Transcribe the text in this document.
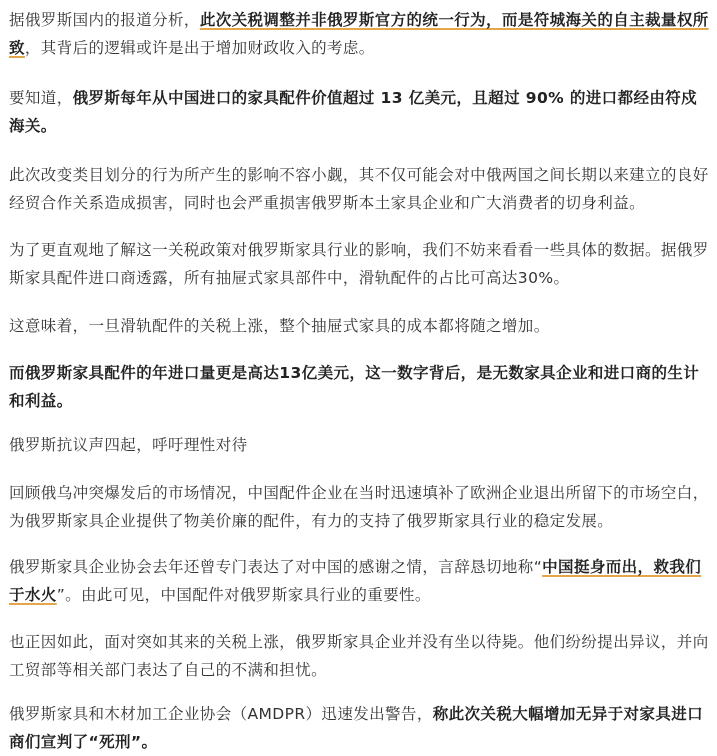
据俄罗斯国内的报道分析，此次关税调整并非俄罗斯官方的统一行为，而是符城海关的自主裁量权所致，其背后的逻辑或许是出于增加财政收入的考虑。

要知道，俄罗斯每年从中国进口的家具配件价值超过 13 亿美元，且超过 90% 的进口都经由符戍海关。

此次改变类目划分的行为所产生的影响不容小觑，其不仅可能会对中俄两国之间长期以来建立的良好经贸合作关系造成损害，同时也会严重损害俄罗斯本土家具企业和广大消费者的切身利益。

为了更直观地了解这一关税政策对俄罗斯家具行业的影响，我们不妨来看看一些具体的数据。据俄罗斯家具配件进口商透露，所有抽屉式家具部件中，滑轨配件的占比可高达30%。

这意味着，一旦滑轨配件的关税上涨，整个抽屉式家具的成本都将随之增加。

而俄罗斯家具配件的年进口量更是高达13亿美元，这一数字背后，是无数家具企业和进口商的生计和利益。

俄罗斯抗议声四起，呼吁理性对待

回顾俄乌冲突爆发后的市场情况，中国配件企业在当时迅速填补了欧洲企业退出所留下的市场空白，为俄罗斯家具企业提供了物美价廉的配件，有力的支持了俄罗斯家具行业的稳定发展。

俄罗斯家具企业协会去年还曾专门表达了对中国的感谢之情，言辞恳切地称“中国挺身而出，救我们于水火”。由此可见，中国配件对俄罗斯家具行业的重要性。

也正因如此，面对突如其来的关税上涨，俄罗斯家具企业并没有坐以待毙。他们纷纷提出异议，并向工贸部等相关部门表达了自己的不满和担忧。

俄罗斯家具和木材加工企业协会（AMDPR）迅速发出警告，称此次关税大幅增加无异于对家具进口商们宣判了“死刑”。
